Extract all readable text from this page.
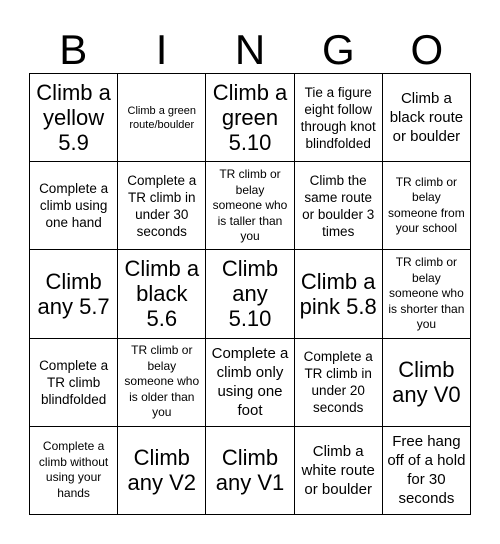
B	I	N	G	O
Climb a yellow 5.9
Climb a green route/boulder
Climb a green 5.10
Tie a figure eight follow through knot blindfolded
Climb a black route or boulder
Complete a climb using one hand
Complete a TR climb in under 30 seconds
TR climb or belay someone who is taller than you
Climb the same route or boulder 3 times
TR climb or belay someone from your school
Climb any 5.7
Climb a black 5.6
Climb any 5.10
Climb a pink 5.8
TR climb or belay someone who is shorter than you
Complete a TR climb blindfolded
TR climb or belay someone who is older than you
Complete a climb only using one foot
Complete a TR climb in under 20 seconds
Climb any V0
Complete a climb without using your hands
Climb any V2
Climb any V1
Climb a white route or boulder
Free hang off of a hold for 30 seconds
